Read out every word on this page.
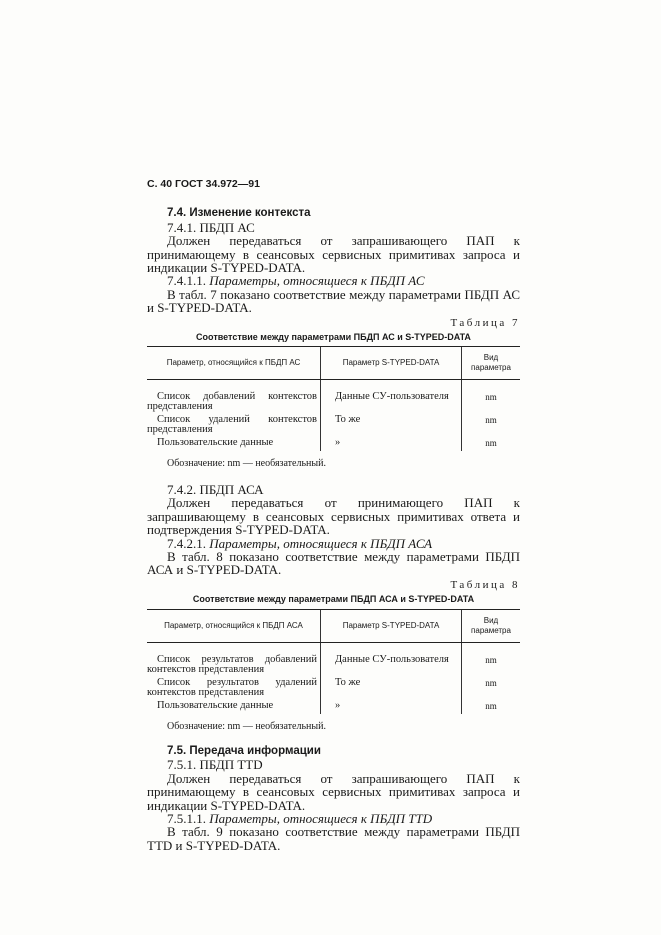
С. 40 ГОСТ 34.972—91
7.4. Изменение контекста
7.4.1. ПБДП АС
Должен передаваться от запрашивающего ПАП к принимающему в сеансовых сервисных примитивах запроса и индикации S-TYPED-DATA.
7.4.1.1. Параметры, относящиеся к ПБДП АС
В табл. 7 показано соответствие между параметрами ПБДП АС и S-TYPED-DATA.
Таблица 7
Соответствие между параметрами ПБДП АС и S-TYPED-DATA
Параметр, относящийся к ПБДП АС	Параметр S-TYPED-DATA	Вид параметра
Список добавлений контекстов представления	Данные СУ-пользователя	nm
Список удалений контекстов представления	То же	nm
Пользовательские данные	»	nm
Обозначение: nm — необязательный.
7.4.2. ПБДП АСА
Должен передаваться от принимающего ПАП к запрашивающему в сеансовых сервисных примитивах ответа и подтверждения S-TYPED-DATA.
7.4.2.1. Параметры, относящиеся к ПБДП АСА
В табл. 8 показано соответствие между параметрами ПБДП АСА и S-TYPED-DATA.
Таблица 8
Соответствие между параметрами ПБДП АСА и S-TYPED-DATA
Параметр, относящийся к ПБДП АСА	Параметр S-TYPED-DATA	Вид параметра
Список результатов добавлений контекстов представления	Данные СУ-пользователя	nm
Список результатов удалений контекстов представления	То же	nm
Пользовательские данные	»	nm
Обозначение: nm — необязательный.
7.5. Передача информации
7.5.1. ПБДП TTD
Должен передаваться от запрашивающего ПАП к принимающему в сеансовых сервисных примитивах запроса и индикации S-TYPED-DATA.
7.5.1.1. Параметры, относящиеся к ПБДП TTD
В табл. 9 показано соответствие между параметрами ПБДП TTD и S-TYPED-DATA.
